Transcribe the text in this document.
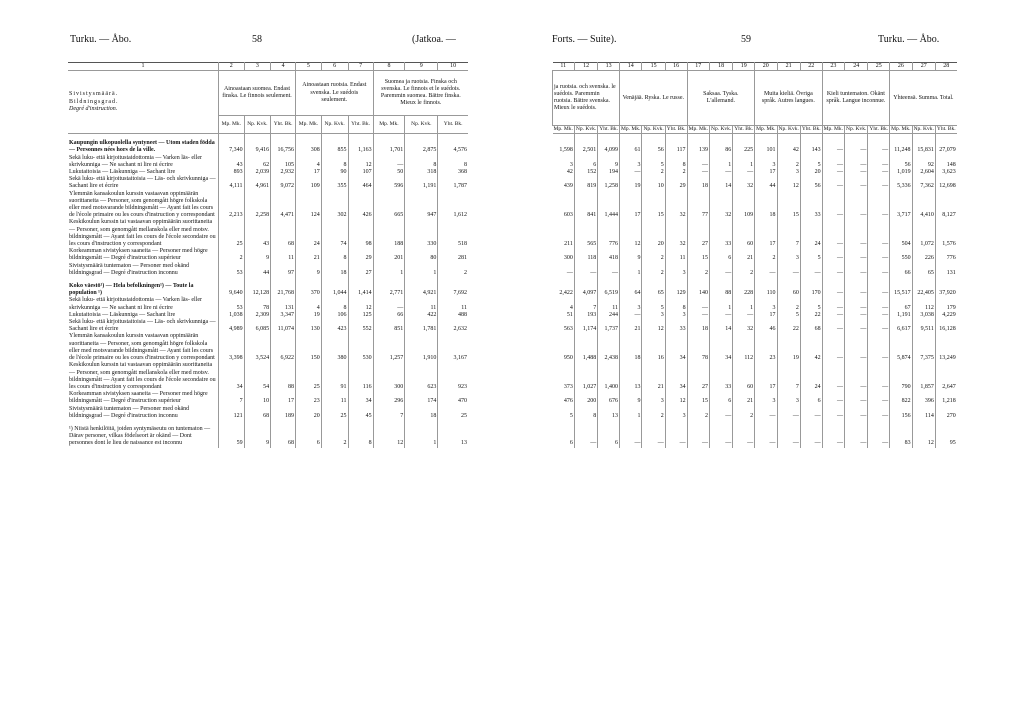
Turku. — Åbo.	58	(Jatkoa. —	Forts. — Suite).	59	Turku. — Åbo.
1	2	3	4	5	6	7	8	9	10

Sivistysmäärä.
Bildningsgrad.
Degré d'instruction.	Ainoastaan suomea. Endast finska. Le finnois seulement.			Ainoastaan ruotsia. Endast svenska. Le suédois seulement.			Suomea ja ruotsia. Finska och svenska. Le finnois et le suédois. Paremmin suomea. Bättre finska. Mieux le finnois.		
	Mp. Mk.	Np. Kvk.	Yht. Bk.	Mp. Mk.	Np. Kvk.	Yht. Bk.	Mp. Mk.	Np. Kvk.	Yht. Bk.
Kaupungin ulkopuolella syntyneet — Utom staden födda — Personnes nées hors de la ville.	7,340	9,416	16,756	308	855	1,163	1,701	2,875	4,576
Sekä luku- että kirjoitustaidottomia — Varken läs- eller skrivkunniga — Ne sachant ni lire ni écrire	43	62	105	4	8	12	—	8	8
Lukutaitoisia — Läskunniga — Sachant lire	893	2,039	2,932	17	90	107	50	318	368
Sekä luku- että kirjoitustaitoisia — Läs- och skrivkunniga — Sachant lire et écrire	4,111	4,961	9,072	109	355	464	596	1,191	1,787
Ylemmän kansakoulun kurssin vastaavan oppimäärän suorittaneita — Personer, som genomgått högre folkskola eller med motsvarande bildningsmått — Ayant fait les cours de l'école primaire ou les cours d'instruction y correspondant	2,213	2,258	4,471	124	302	426	665	947	1,612
Keskikoulun kurssin tai vastaavan oppimäärän suorittaneita — Personer, som genomgått mellanskola eller med motsv. bildningsmått — Ayant fait les cours de l'école secondaire ou les cours d'instruction y correspondant	25	43	68	24	74	98	188	330	518
Korkeamman sivistyksen saaneita — Personer med högre bildningsmått — Degré d'instruction supérieur	2	9	11	21	8	29	201	80	281
Sivistysmäärä tuntematon — Personer med okänd bildningsgrad — Degré d'instruction inconnu	53	44	97	9	18	27	1	1	2
Koko väestö¹) — Hela befolkningen¹) — Toute la population ¹)	9,640	12,128	21,768	370	1,044	1,414	2,771	4,921	7,692
Sekä luku- että kirjoitustaidottomia — Varken läs- eller skrivkunniga — Ne sachant ni lire ni écrire	53	78	131	4	8	12	—	11	11
Lukutaitoisia — Läskunniga — Sachant lire	1,038	2,309	3,347	19	106	125	66	422	488
Sekä luku- että kirjoitustaitoisia — Läs- och skrivkunniga — Sachant lire et écrire	4,989	6,085	11,074	130	423	552	851	1,781	2,632
Ylemmän kansakoulun kurssin vastaavan oppimäärän suorittaneita — Personer, som genomgått högre folkskola eller med motsvarande bildningsmått — Ayant fait les cours de l'école primaire ou les cours d'instruction y correspondant	3,398	3,524	6,922	150	380	530	1,257	1,910	3,167
Keskikoulun kurssin tai vastaavan oppimäärän suorittaneita — Personer, som genomgått mellanskola eller med motsv. bildningsmått — Ayant fait les cours de l'école secondaire ou les cours d'instruction y correspondant	34	54	88	25	91	116	300	623	923
Korkeamman sivistyksen saaneita — Personer med högre bildningsmått — Degré d'instruction supérieur	7	10	17	23	11	34	296	174	470
Sivistysmäärä tuntematon — Personer med okänd bildningsgrad — Degré d'instruction inconnu	121	68	189	20	25	45	7	18	25
¹) Niistä henkilöitä, joiden syntymäseutu on tuntematon — Därav personer, vilkas födelseort är okänd — Dont personnes dont le lieu de naissance est inconnu	59	9	68	6	2	8	12	1	13
11	12	13	14	15	16	17	18	19	20	21	22	23	24	25	26	27	28
ja ruotsia. och svenska. le suédois. Paremmin ruotsia. Bättre svenska. Mieux le suédois.			Venäjää. Ryska. Le russe.			Saksaa. Tyska. L'allemand.			Muita kieliä. Övriga språk. Autres langues.			Kieli tuntematon. Okänt språk. Langue inconnue.			Yhteensä. Summa. Total.		
Mp. Mk.	Np. Kvk.	Yht. Bk.	Mp. Mk.	Np. Kvk.	Yht. Bk.	Mp. Mk.	Np. Kvk.	Yht. Bk.	Mp. Mk.	Np. Kvk.	Yht. Bk.	Mp. Mk.	Np. Kvk.	Yht. Bk.	Mp. Mk.	Np. Kvk.	Yht. Bk.
1,598	2,501	4,099	61	56	117	139	86	225	101	42	143	—	—	—	11,248	15,831	27,079
3	6	9	3	5	8	—	1	1	3	2	5	—	—	—	56	92	148
42	152	194	—	2	2	—	—	—	17	3	20	—	—	—	1,019	2,604	3,623
439	819	1,258	19	10	29	18	14	32	44	12	56	—	—	—	5,336	7,362	12,698
603	841	1,444	17	15	32	77	32	109	18	15	33	—	—	—	3,717	4,410	8,127
211	565	776	12	20	32	27	33	60	17	7	24	—	—	—	504	1,072	1,576
300	118	418	9	2	11	15	6	21	2	3	5	—	—	—	550	226	776
—	—	—	1	2	3	2	—	2	—	—	—	—	—	—	66	65	131
2,422	4,097	6,519	64	65	129	140	88	228	110	60	170	—	—	—	15,517	22,405	37,920
4	7	11	3	5	8	—	1	1	3	2	5	—	—	—	67	112	179
51	193	244	—	3	3	—	—	—	17	5	22	—	—	—	1,191	3,038	4,229
563	1,174	1,737	21	12	33	18	14	32	46	22	68	—	—	—	6,617	9,511	16,128
950	1,488	2,438	18	16	34	78	34	112	23	19	42	—	—	—	5,874	7,375	13,249
373	1,027	1,400	13	21	34	27	33	60	17	7	24	—	—	—	790	1,857	2,647
476	200	676	9	3	12	15	6	21	3	3	6	—	—	—	822	396	1,218
5	8	13	1	2	3	2	—	2	—	—	—	—	—	—	156	114	270
6	—	6	—	—	—	—	—	—	—	—	—	—	—	—	83	12	95
